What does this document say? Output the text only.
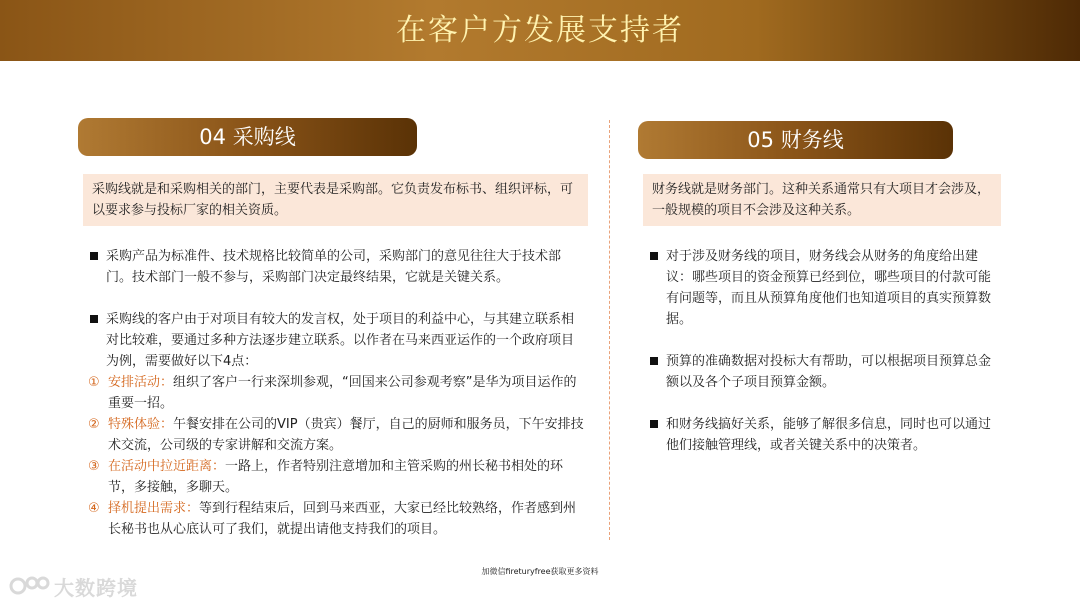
在客户方发展支持者
04 采购线
采购线就是和采购相关的部门，主要代表是采购部。它负责发布标书、组织评标，可以要求参与投标厂家的相关资质。
采购产品为标准件、技术规格比较简单的公司，采购部门的意见往往大于技术部门。技术部门一般不参与，采购部门决定最终结果，它就是关键关系。
采购线的客户由于对项目有较大的发言权，处于项目的利益中心，与其建立联系相对比较难，要通过多种方法逐步建立联系。以作者在马来西亚运作的一个政府项目为例，需要做好以下4点：
① 安排活动：组织了客户一行来深圳参观，“回国来公司参观考察”是华为项目运作的重要一招。
② 特殊体验：午餐安排在公司的VIP（贵宾）餐厅，自己的厨师和服务员，下午安排技术交流，公司级的专家讲解和交流方案。
③ 在活动中拉近距离：一路上，作者特别注意增加和主管采购的州长秘书相处的环节，多接触，多聊天。
④ 择机提出需求：等到行程结束后，回到马来西亚，大家已经比较熟络，作者感到州长秘书也从心底认可了我们，就提出请他支持我们的项目。
05 财务线
财务线就是财务部门。这种关系通常只有大项目才会涉及，一般规模的项目不会涉及这种关系。
对于涉及财务线的项目，财务线会从财务的角度给出建议：哪些项目的资金预算已经到位，哪些项目的付款可能有问题等，而且从预算角度他们也知道项目的真实预算数据。
预算的准确数据对投标大有帮助，可以根据项目预算总金额以及各个子项目预算金额。
和财务线搞好关系，能够了解很多信息，同时也可以通过他们接触管理线，或者关键关系中的决策者。
加微信fireturyfree获取更多资料
大数跨境
